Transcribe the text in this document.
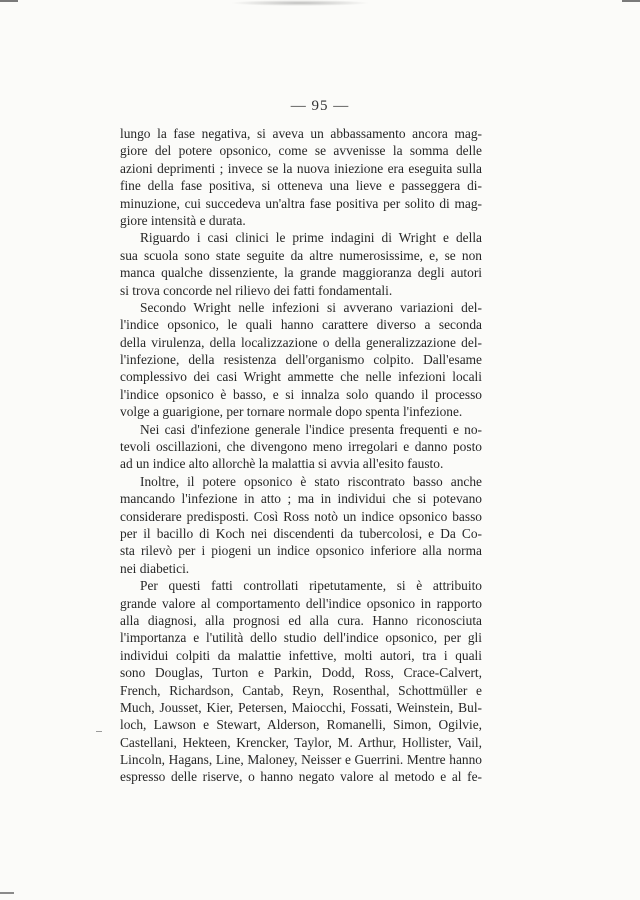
— 95 —
lungo la fase negativa, si aveva un abbassamento ancora mag-
giore del potere opsonico, come se avvenisse la somma delle
azioni deprimenti ; invece se la nuova iniezione era eseguita sulla
fine della fase positiva, si otteneva una lieve e passeggera di-
minuzione, cui succedeva un'altra fase positiva per solito di mag-
giore intensità e durata.
Riguardo i casi clinici le prime indagini di Wright e della
sua scuola sono state seguite da altre numerosissime, e, se non
manca qualche dissenziente, la grande maggioranza degli autori
si trova concorde nel rilievo dei fatti fondamentali.
Secondo Wright nelle infezioni si avverano variazioni del-
l'indice opsonico, le quali hanno carattere diverso a seconda
della virulenza, della localizzazione o della generalizzazione del-
l'infezione, della resistenza dell'organismo colpito. Dall'esame
complessivo dei casi Wright ammette che nelle infezioni locali
l'indice opsonico è basso, e si innalza solo quando il processo
volge a guarigione, per tornare normale dopo spenta l'infezione.
Nei casi d'infezione generale l'indice presenta frequenti e no-
tevoli oscillazioni, che divengono meno irregolari e danno posto
ad un indice alto allorchè la malattia si avvia all'esito fausto.
Inoltre, il potere opsonico è stato riscontrato basso anche
mancando l'infezione in atto ; ma in individui che si potevano
considerare predisposti. Così Ross notò un indice opsonico basso
per il bacillo di Koch nei discendenti da tubercolosi, e Da Co-
sta rilevò per i piogeni un indice opsonico inferiore alla norma
nei diabetici.
Per questi fatti controllati ripetutamente, si è attribuito
grande valore al comportamento dell'indice opsonico in rapporto
alla diagnosi, alla prognosi ed alla cura. Hanno riconosciuta
l'importanza e l'utilità dello studio dell'indice opsonico, per gli
individui colpiti da malattie infettive, molti autori, tra i quali
sono Douglas, Turton e Parkin, Dodd, Ross, Crace-Calvert,
French, Richardson, Cantab, Reyn, Rosenthal, Schottmüller e
Much, Jousset, Kier, Petersen, Maiocchi, Fossati, Weinstein, Bul-
loch, Lawson e Stewart, Alderson, Romanelli, Simon, Ogilvie,
Castellani, Hekteen, Krencker, Taylor, M. Arthur, Hollister, Vail,
Lincoln, Hagans, Line, Maloney, Neisser e Guerrini. Mentre hanno
espresso delle riserve, o hanno negato valore al metodo e al fe-
